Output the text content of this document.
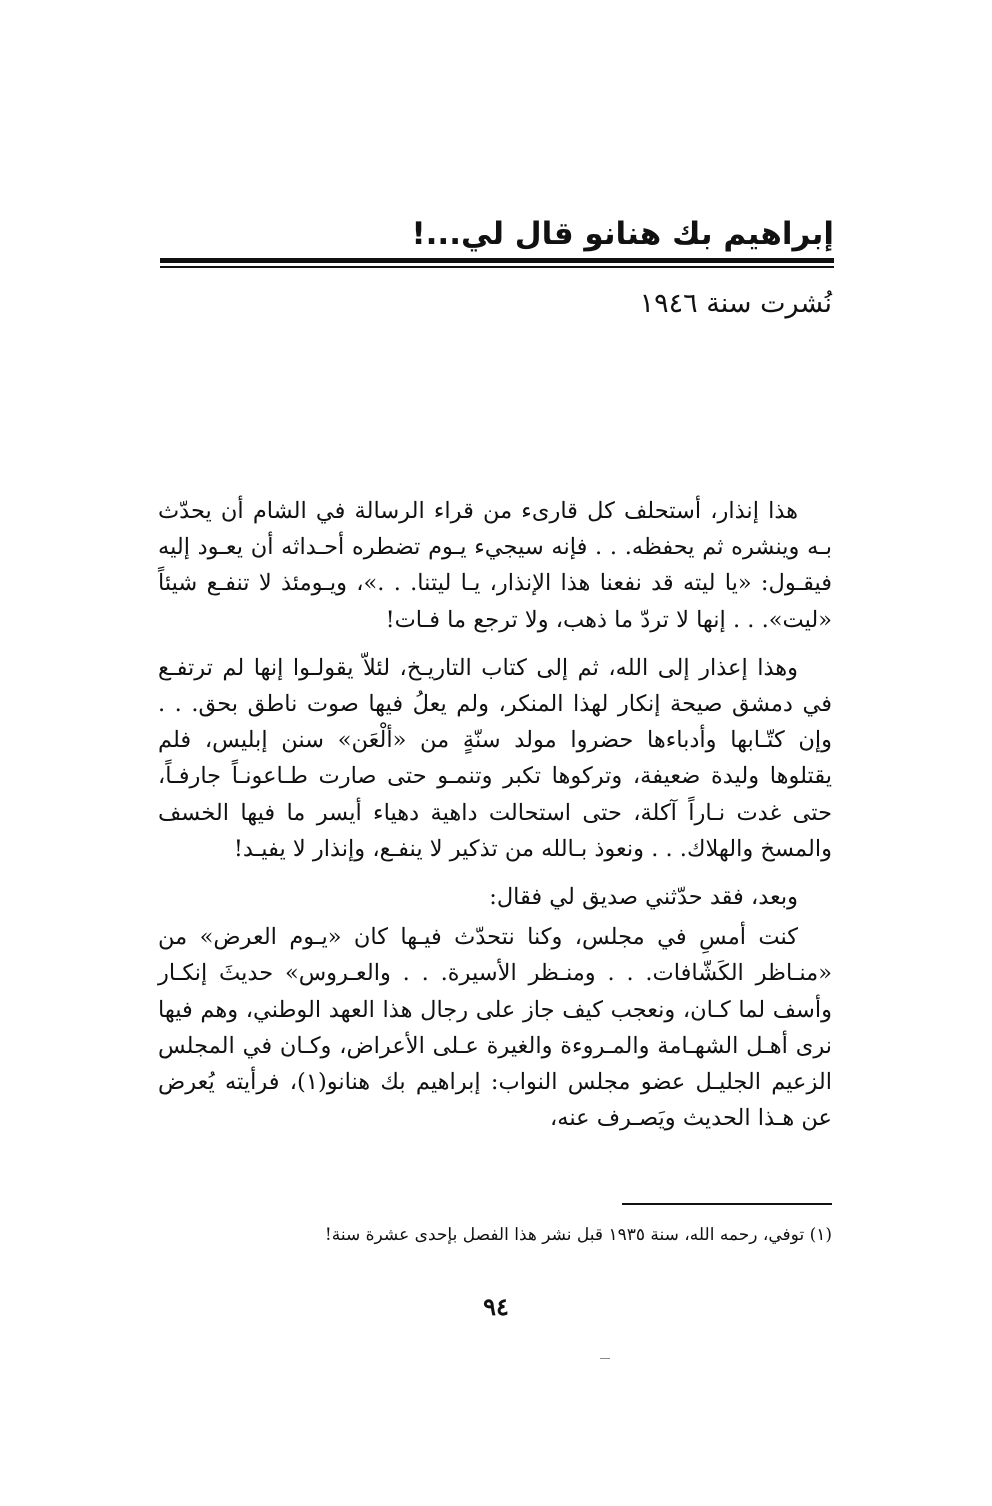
إبراهيم بك هنانو قال لي...!

نُشرت سنة ١٩٤٦

هذا إنذار، أستحلف كل قارىء من قراء الرسالة في الشام أن يحدّث بـه وينشره ثم يحفظه. . . فإنه سيجيء يـوم تضطره أحـداثه أن يعـود إليه فيقـول: «يا ليته قد نفعنا هذا الإنذار، يـا ليتنا. . .»، ويـومئذ لا تنفـع شيئاً «ليت». . . إنها لا تردّ ما ذهب، ولا ترجع ما فـات!

وهذا إعذار إلى الله، ثم إلى كتاب التاريـخ، لئلاّ يقولـوا إنها لم ترتفـع في دمشق صيحة إنكار لهذا المنكر، ولم يعلُ فيها صوت ناطق بحق. . . وإن كتّـابها وأدباءها حضروا مولد سنّةٍ من «ألْعَن» سنن إبليس، فلم يقتلوها وليدة ضعيفة، وتركوها تكبر وتنمـو حتى صارت طـاعونـاً جارفـاً، حتى غدت نـاراً آكلة، حتى استحالت داهية دهياء أيسر ما فيها الخسف والمسخ والهلاك. . . ونعوذ بـالله من تذكير لا ينفـع، وإنذار لا يفيـد!

وبعد، فقد حدّثني صديق لي فقال:

كنت أمسِ في مجلس، وكنا نتحدّث فيـها كان «يـوم العرض» من «منـاظر الكَشّافات. . . ومنـظر الأسيرة. . . والعـروس» حديثَ إنكـار وأسف لما كـان، ونعجب كيف جاز على رجال هذا العهد الوطني، وهم فيها نرى أهـل الشهـامة والمـروءة والغيرة عـلى الأعراض، وكـان في المجلس الزعيم الجليـل عضو مجلس النواب: إبراهيم بك هنانو(١)، فرأيته يُعرض عن هـذا الحديث ويَصـرف عنه،

(١) توفي، رحمه الله، سنة ١٩٣٥ قبل نشر هذا الفصل بإحدى عشرة سنة!

٩٤
